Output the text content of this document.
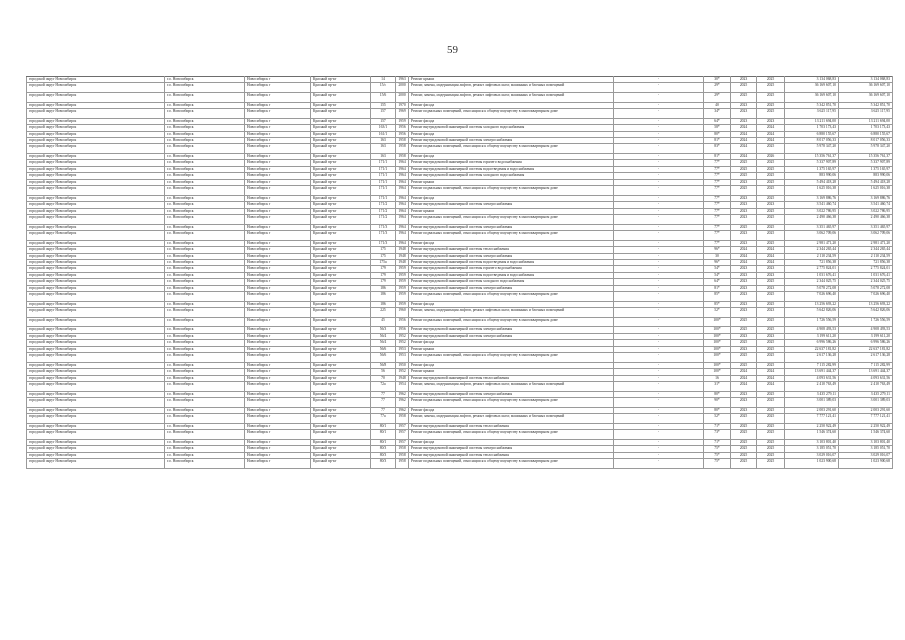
59
городской округ Новосибирск	г.о. Новосибирск	Новосибирск г	Красный пр-кт	14	1963	Ремонт крыши	-	30*	2023	2025	3 134 068,83	3 134 068,83
городской округ Новосибирск	г.о. Новосибирск	Новосибирск г	Красный пр-кт	15/с	2000	Ремонт, замена, модернизация лифтов, ремонт лифтовых шахт, машинных и блочных помещений	-	29*	2025	2025	36 169 607,10	36 169 607,10
городской округ Новосибирск	г.о. Новосибирск	Новосибирск г	Красный пр-кт	15/6	2000	Ремонт, замена, модернизация лифтов, ремонт лифтовых шахт, машинных и блочных помещений	-	29*	2025	2025	36 169 607,10	36 169 607,10
городской округ Новосибирск	г.о. Новосибирск	Новосибирск г	Красный пр-кт	155	1970	Ремонт фасада	-	40	2023	2025	5 342 851,70	5 342 851,70
городской округ Новосибирск	г.о. Новосибирск	Новосибирск г	Красный пр-кт	157	1969	Ремонт подвальных помещений, относящихся к общему имуществу в многоквартирном доме	-	34*	2023	2025	3 625 117,95	3 625 117,95
городской округ Новосибирск	г.о. Новосибирск	Новосибирск г	Красный пр-кт	157	1959	Ремонт фасада	-	64*	2023	2023	13 211 694,00	13 211 694,00
городской округ Новосибирск	г.о. Новосибирск	Новосибирск г	Красный пр-кт	163/1	1956	Ремонт внутридомовой инженерной системы холодного водоснабжения	-	58*	2024	2024	1 703 173,43	1 703 173,43
городской округ Новосибирск	г.о. Новосибирск	Новосибирск г	Красный пр-кт	161/1	1956	Ремонт фасада	-	80*	2024	2024	6 880 155,67	6 880 155,67
городской округ Новосибирск	г.о. Новосибирск	Новосибирск г	Красный пр-кт	163	1958	Ремонт внутридомовой инженерной системы электроснабжения	-	81*	2024	2024	8 017 056,33	8 017 056,33
городской округ Новосибирск	г.о. Новосибирск	Новосибирск г	Красный пр-кт	163	1958	Ремонт подвальных помещений, относящихся к общему имуществу в многоквартирном доме	-	83*	2024	2025	5 978 347,20	5 978 347,20
городской округ Новосибирск	г.о. Новосибирск	Новосибирск г	Красный пр-кт	163	1958	Ремонт фасада	-	81*	2024	2026	15 356 761,37	15 356 761,37
городской округ Новосибирск	г.о. Новосибирск	Новосибирск г	Красный пр-кт	171/1	1964	Ремонт внутридомовой инженерной системы горячего водоснабжения	-	77*	2025	2025	5 337 907,89	5 337 907,89
городской округ Новосибирск	г.о. Новосибирск	Новосибирск г	Красный пр-кт	171/1	1964	Ремонт внутридомовой инженерной системы водоотведения и водоснабжения	-	77*	2025	2025	1 375 165,97	1 375 165,97
городской округ Новосибирск	г.о. Новосибирск	Новосибирск г	Красный пр-кт	171/1	1964	Ремонт внутридомовой инженерной системы холодного водоснабжения	-	77*	2025	2025	883 990,06	883 990,06
городской округ Новосибирск	г.о. Новосибирск	Новосибирск г	Красный пр-кт	171/1	1964	Ремонт крыши	-	77*	2023	2025	5 494 418,28	5 494 418,28
городской округ Новосибирск	г.о. Новосибирск	Новосибирск г	Красный пр-кт	171/1	1964	Ремонт подвальных помещений, относящихся к общему имуществу в многоквартирном доме	-	77*	2025	2025	1 625 016,38	1 625 016,38
городской округ Новосибирск	г.о. Новосибирск	Новосибирск г	Красный пр-кт	171/1	1964	Ремонт фасада	-	77*	2023	2025	3 169 886,76	3 169 886,76
городской округ Новосибирск	г.о. Новосибирск	Новосибирск г	Красный пр-кт	171/2	1964	Ремонт внутридомовой инженерной системы электроснабжения	-	77*	2023	2023	3 541 460,74	3 541 460,74
городской округ Новосибирск	г.о. Новосибирск	Новосибирск г	Красный пр-кт	171/2	1964	Ремонт крыши	-	77*	2023	2025	3 022 786,95	3 022 786,95
городской округ Новосибирск	г.о. Новосибирск	Новосибирск г	Красный пр-кт	171/2	1964	Ремонт подвальных помещений, относящихся к общему имуществу в многоквартирном доме	-	77*	2023	2025	2 490 466,38	2 490 466,38
городской округ Новосибирск	г.о. Новосибирск	Новосибирск г	Красный пр-кт	171/3	1964	Ремонт внутридомовой инженерной системы электроснабжения	-	77*	2025	2025	3 351 465,97	3 351 465,97
городской округ Новосибирск	г.о. Новосибирск	Новосибирск г	Красный пр-кт	171/3	1964	Ремонт подвальных помещений, относящихся к общему имуществу в многоквартирном доме	-	77*	2023	2025	3 062 709,06	3 062 709,06
городской округ Новосибирск	г.о. Новосибирск	Новосибирск г	Красный пр-кт	171/3	1964	Ремонт фасада	-	77*	2023	2025	2 981 471,20	2 981 471,20
городской округ Новосибирск	г.о. Новосибирск	Новосибирск г	Красный пр-кт	175	1948	Ремонт внутридомовой инженерной системы теплоснабжения	-	96*	2024	2024	2 344 265,44	2 344 265,44
городской округ Новосибирск	г.о. Новосибирск	Новосибирск г	Красный пр-кт	175	1948	Ремонт внутридомовой инженерной системы электроснабжения	-	30	2024	2024	2 110 234,59	2 110 234,59
городской округ Новосибирск	г.о. Новосибирск	Новосибирск г	Красный пр-кт	175а	1948	Ремонт внутридомовой инженерной системы водоотведения и водоснабжения	-	96*	2024	2024	721 856,38	721 856,38
городской округ Новосибирск	г.о. Новосибирск	Новосибирск г	Красный пр-кт	179	1959	Ремонт внутридомовой инженерной системы горячего водоснабжения	-	54*	2023	2023	2 775 824,01	2 775 824,01
городской округ Новосибирск	г.о. Новосибирск	Новосибирск г	Красный пр-кт	179	1959	Ремонт внутридомовой инженерной системы водоотведения и водоснабжения	-	54*	2023	2023	1 031 676,41	1 031 676,41
городской округ Новосибирск	г.о. Новосибирск	Новосибирск г	Красный пр-кт	179	1959	Ремонт внутридомовой инженерной системы холодного водоснабжения	-	64*	2023	2025	2 344 025,75	2 344 025,75
городской округ Новосибирск	г.о. Новосибирск	Новосибирск г	Красный пр-кт	186	1959	Ремонт внутридомовой инженерной системы электроснабжения	-	81*	2023	2023	5 078 272,08	5 078 272,08
городской округ Новосибирск	г.о. Новосибирск	Новосибирск г	Красный пр-кт	186	1959	Ремонт подвальных помещений, относящихся к общему имуществу в многоквартирном доме	-	85*	2023	2025	7 026 696,40	7 026 696,40
городской округ Новосибирск	г.о. Новосибирск	Новосибирск г	Красный пр-кт	186	1959	Ремонт фасада	-	85*	2023	2025	13 256 693,22	13 256 693,22
городской округ Новосибирск	г.о. Новосибирск	Новосибирск г	Красный пр-кт	225	1960	Ремонт, замена, модернизация лифтов, ремонт лифтовых шахт, машинных и блочных помещений	-	52*	2023	2023	5 642 826,06	5 642 826,06
городской округ Новосибирск	г.о. Новосибирск	Новосибирск г	Красный пр-кт	45	1956	Ремонт подвальных помещений, относящихся к общему имуществу в многоквартирном доме	-	100*	2025	2025	1 726 556,59	1 726 556,59
городской округ Новосибирск	г.о. Новосибирск	Новосибирск г	Красный пр-кт	56/3	1956	Ремонт внутридомовой инженерной системы электроснабжения	-	100*	2025	2025	4 908 493,53	4 908 493,53
городской округ Новосибирск	г.о. Новосибирск	Новосибирск г	Красный пр-кт	56/4	1952	Ремонт внутридомовой инженерной системы электроснабжения	-	100*	2023	2023	3 199 611,20	3 199 611,20
городской округ Новосибирск	г.о. Новосибирск	Новосибирск г	Красный пр-кт	56/4	1952	Ремонт фасада	-	100*	2025	2025	6 996 586,26	6 996 586,26
городской округ Новосибирск	г.о. Новосибирск	Новосибирск г	Красный пр-кт	56/6	1953	Ремонт крыши	-	100*	2023	2025	22 637 181,82	22 637 181,82
городской округ Новосибирск	г.о. Новосибирск	Новосибирск г	Красный пр-кт	56/6	1953	Ремонт подвальных помещений, относящихся к общему имуществу в многоквартирном доме	-	100*	2025	2025	2 617 136,28	2 617 136,28
городской округ Новосибирск	г.о. Новосибирск	Новосибирск г	Красный пр-кт	56/8	1950	Ремонт фасада	-	100*	2025	2025	7 115 282,99	7 115 282,99
городской округ Новосибирск	г.о. Новосибирск	Новосибирск г	Красный пр-кт	56	1952	Ремонт крыши	-	100*	2024	2024	13 691 444,37	13 691 444,37
городской округ Новосибирск	г.о. Новосибирск	Новосибирск г	Красный пр-кт	70	1948	Ремонт внутридомовой инженерной системы теплоснабжения	-	16	2024	2024	4 093 631,56	4 093 631,56
городской округ Новосибирск	г.о. Новосибирск	Новосибирск г	Красный пр-кт	72а	1954	Ремонт, замена, модернизация лифтов, ремонт лифтовых шахт, машинных и блочных помещений	-	31*	2024	2024	2 410 763,49	2 410 763,49
городской округ Новосибирск	г.о. Новосибирск	Новосибирск г	Красный пр-кт	77	1962	Ремонт внутридомовой инженерной системы электроснабжения	-	80*	2023	2025	3 435 279,11	3 435 279,11
городской округ Новосибирск	г.о. Новосибирск	Новосибирск г	Красный пр-кт	77	1962	Ремонт подвальных помещений, относящихся к общему имуществу в многоквартирном доме	-	90*	2023	2025	3 001 389,03	3 001 389,03
городской округ Новосибирск	г.о. Новосибирск	Новосибирск г	Красный пр-кт	77	1962	Ремонт фасада	-	80*	2023	2025	2 003 291,60	2 003 291,60
городской округ Новосибирск	г.о. Новосибирск	Новосибирск г	Красный пр-кт	77а	1958	Ремонт, замена, модернизация лифтов, ремонт лифтовых шахт, машинных и блочных помещений	-	52*	2025	2025	7 777 121,41	7 777 121,41
городской округ Новосибирск	г.о. Новосибирск	Новосибирск г	Красный пр-кт	80/1	1957	Ремонт внутридомовой инженерной системы теплоснабжения	-	71*	2025	2025	2 250 922,49	2 250 922,49
городской округ Новосибирск	г.о. Новосибирск	Новосибирск г	Красный пр-кт	80/1	1957	Ремонт подвальных помещений, относящихся к общему имуществу в многоквартирном доме	-	73*	2025	2025	1 546 374,60	1 546 374,60
городской округ Новосибирск	г.о. Новосибирск	Новосибирск г	Красный пр-кт	80/1	1957	Ремонт фасада	-	71*	2025	2025	3 103 801,40	3 103 801,40
городской округ Новосибирск	г.о. Новосибирск	Новосибирск г	Красный пр-кт	80/3	1958	Ремонт внутридомовой инженерной системы электроснабжения	-	75*	2025	2025	3 185 051,70	3 185 051,70
городской округ Новосибирск	г.о. Новосибирск	Новосибирск г	Красный пр-кт	80/3	1958	Ремонт внутридомовой инженерной системы теплоснабжения	-	75*	2025	2025	3 029 016,07	3 029 016,07
городской округ Новосибирск	г.о. Новосибирск	Новосибирск г	Красный пр-кт	80/3	1958	Ремонт подвальных помещений, относящихся к общему имуществу в многоквартирном доме	-	75*	2025	2025	1 023 900,68	1 023 900,68
